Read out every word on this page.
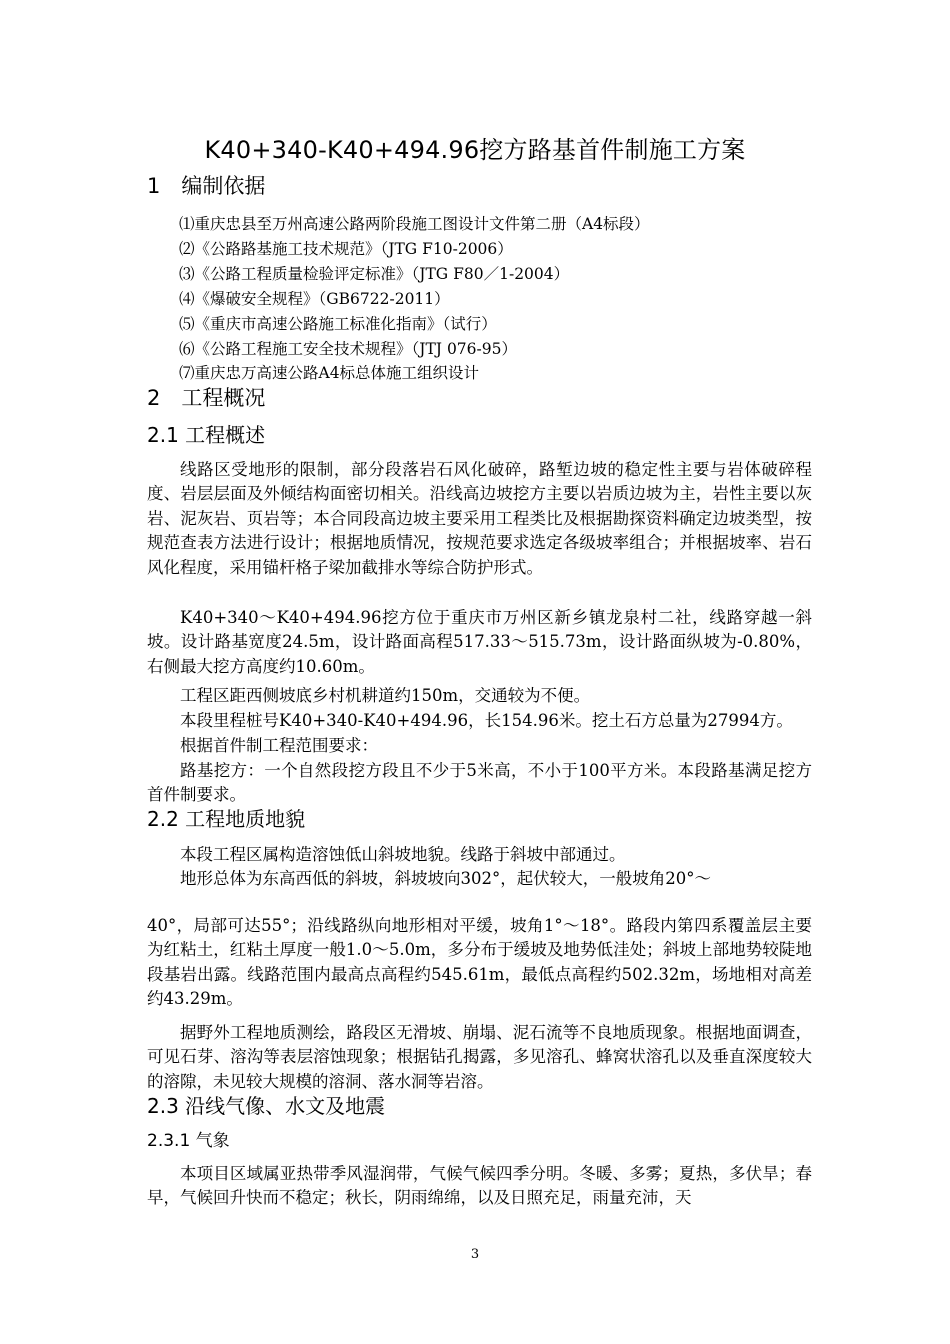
K40+340-K40+494.96挖方路基首件制施工方案
1　编制依据
⑴重庆忠县至万州高速公路两阶段施工图设计文件第二册（A4标段）
⑵《公路路基施工技术规范》（JTG F10-2006）
⑶《公路工程质量检验评定标准》（JTG F80／1-2004）
⑷《爆破安全规程》（GB6722-2011）
⑸《重庆市高速公路施工标准化指南》（试行）
⑹《公路工程施工安全技术规程》（JTJ 076-95）
⑺重庆忠万高速公路A4标总体施工组织设计
2　工程概况
2.1 工程概述

线路区受地形的限制，部分段落岩石风化破碎，路堑边坡的稳定性主要与岩体破碎程度、岩层层面及外倾结构面密切相关。沿线高边坡挖方主要以岩质边坡为主，岩性主要以灰岩、泥灰岩、页岩等；本合同段高边坡主要采用工程类比及根据勘探资料确定边坡类型，按规范查表方法进行设计；根据地质情况，按规范要求选定各级坡率组合；并根据坡率、岩石风化程度，采用锚杆格子梁加截排水等综合防护形式。

K40+340～K40+494.96挖方位于重庆市万州区新乡镇龙泉村二社，线路穿越一斜坡。设计路基宽度24.5m，设计路面高程517.33～515.73m，设计路面纵坡为-0.80%，右侧最大挖方高度约10.60m。

工程区距西侧坡底乡村机耕道约150m，交通较为不便。

本段里程桩号K40+340-K40+494.96，长154.96米。挖土石方总量为27994方。

根据首件制工程范围要求：

路基挖方：一个自然段挖方段且不少于5米高，不小于100平方米。本段路基满足挖方首件制要求。

2.2 工程地质地貌

本段工程区属构造溶蚀低山斜坡地貌。线路于斜坡中部通过。

地形总体为东高西低的斜坡，斜坡坡向302°，起伏较大，一般坡角20°～

40°，局部可达55°；沿线路纵向地形相对平缓，坡角1°～18°。路段内第四系覆盖层主要为红粘土，红粘土厚度一般1.0～5.0m，多分布于缓坡及地势低洼处；斜坡上部地势较陡地段基岩出露。线路范围内最高点高程约545.61m，最低点高程约502.32m，场地相对高差约43.29m。

据野外工程地质测绘，路段区无滑坡、崩塌、泥石流等不良地质现象。根据地面调查，可见石芽、溶沟等表层溶蚀现象；根据钻孔揭露，多见溶孔、蜂窝状溶孔以及垂直深度较大的溶隙，未见较大规模的溶洞、落水洞等岩溶。

2.3 沿线气像、水文及地震
2.3.1 气象

本项目区域属亚热带季风湿润带，气候气候四季分明。冬暖、多雾；夏热，多伏旱；春早，气候回升快而不稳定；秋长，阴雨绵绵，以及日照充足，雨量充沛，天

3
